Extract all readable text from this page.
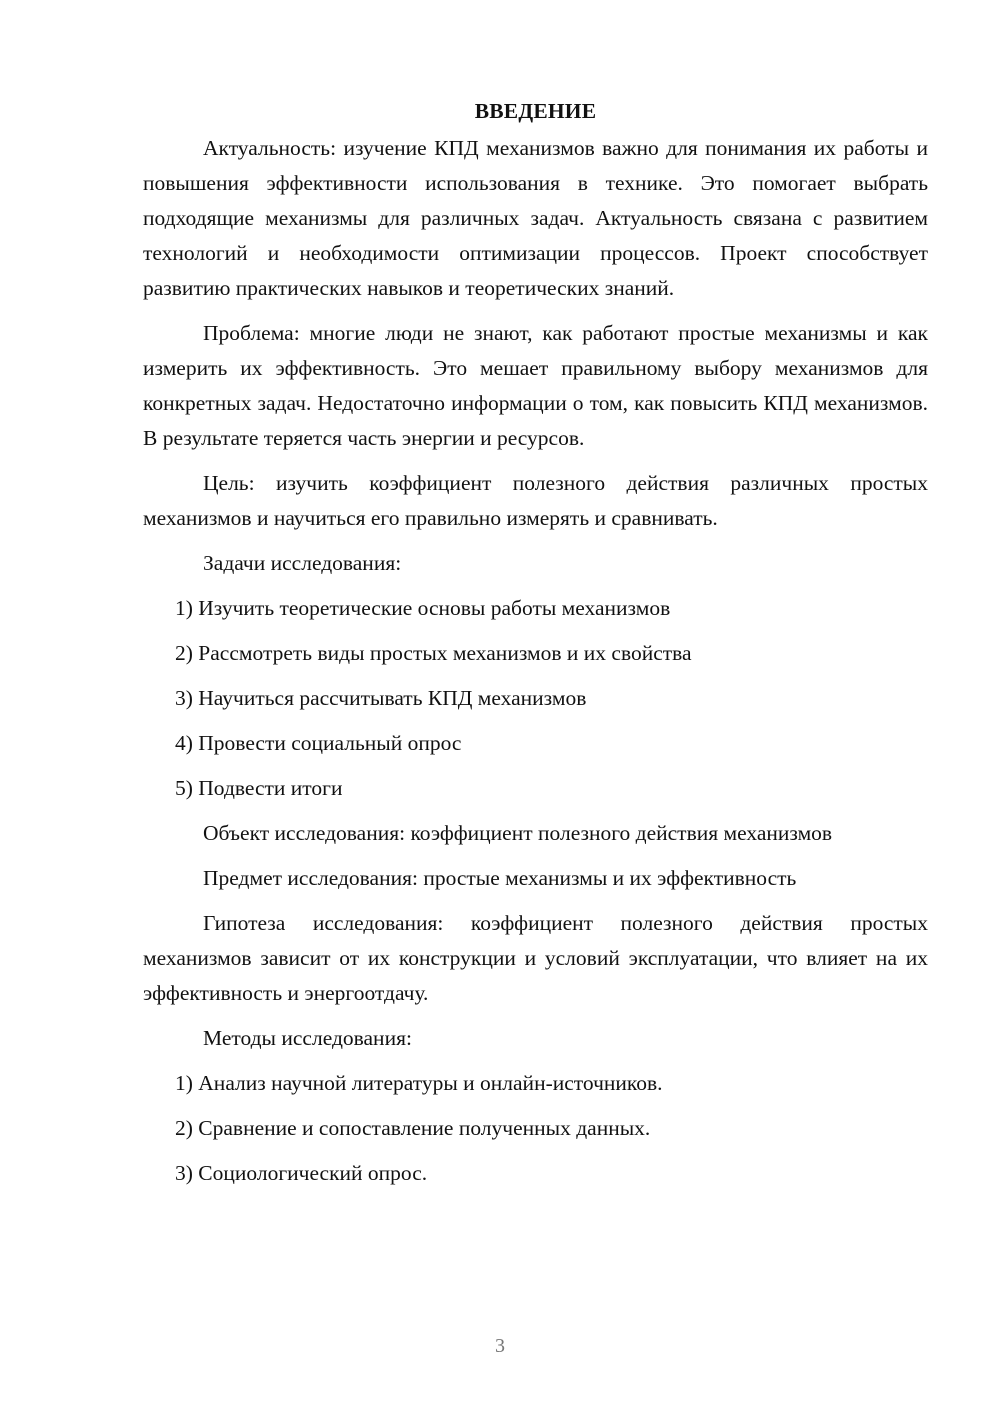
ВВЕДЕНИЕ

Актуальность: изучение КПД механизмов важно для понимания их работы и повышения эффективности использования в технике. Это помогает выбрать подходящие механизмы для различных задач. Актуальность связана с развитием технологий и необходимости оптимизации процессов. Проект способствует развитию практических навыков и теоретических знаний.

Проблема: многие люди не знают, как работают простые механизмы и как измерить их эффективность. Это мешает правильному выбору механизмов для конкретных задач. Недостаточно информации о том, как повысить КПД механизмов. В результате теряется часть энергии и ресурсов.

Цель: изучить коэффициент полезного действия различных простых механизмов и научиться его правильно измерять и сравнивать.

Задачи исследования:

1) Изучить теоретические основы работы механизмов

2) Рассмотреть виды простых механизмов и их свойства

3) Научиться рассчитывать КПД механизмов

4) Провести социальный опрос

5) Подвести итоги

Объект исследования: коэффициент полезного действия механизмов

Предмет исследования: простые механизмы и их эффективность

Гипотеза исследования: коэффициент полезного действия простых механизмов зависит от их конструкции и условий эксплуатации, что влияет на их эффективность и энергоотдачу.

Методы исследования:

1) Анализ научной литературы и онлайн-источников.

2) Сравнение и сопоставление полученных данных.

3) Социологический опрос.

3
